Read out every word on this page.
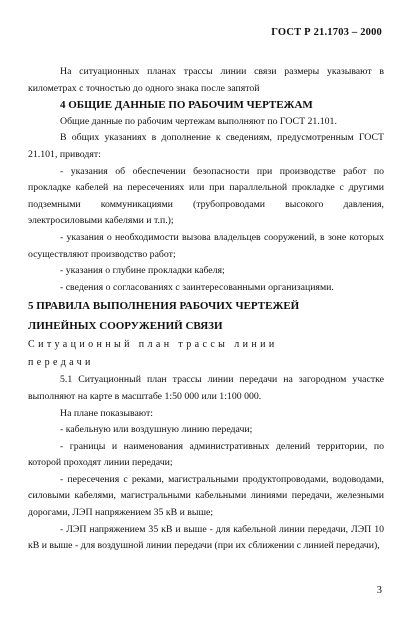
ГОСТ Р 21.1703 – 2000

На ситуационных планах трассы линии связи размеры указывают в километрах с точностью до одного знака после запятой

4 ОБЩИЕ ДАННЫЕ ПО РАБОЧИМ ЧЕРТЕЖАМ

Общие данные по рабочим чертежам выполняют по ГОСТ 21.101.

В общих указаниях в дополнение к сведениям, предусмотренным ГОСТ 21.101, приводят:

- указания об обеспечении безопасности при производстве работ по прокладке кабелей на пересечениях или при параллельной прокладке с другими подземными коммуникациями (трубопроводами высокого давления, электросиловыми кабелями и т.п.);

- указания о необходимости вызова владельцев сооружений, в зоне которых осуществляют производство работ;

- указания о глубине прокладки кабеля;

- сведения о согласованиях с заинтересованными организациями.

5 ПРАВИЛА ВЫПОЛНЕНИЯ РАБОЧИХ ЧЕРТЕЖЕЙ
ЛИНЕЙНЫХ СООРУЖЕНИЙ СВЯЗИ

Ситуационный план трассы линии
передачи

5.1 Ситуационный план трассы линии передачи на загородном участке выполняют на карте в масштабе 1:50 000 или 1:100 000.

На плане показывают:

- кабельную или воздушную линию передачи;

- границы и наименования административных делений территории, по которой проходят линии передачи;

- пересечения с реками, магистральными продуктопроводами, водоводами, силовыми кабелями, магистральными кабельными линиями передачи, железными дорогами, ЛЭП напряжением 35 кВ и выше;

- ЛЭП напряжением 35 кВ и выше - для кабельной линии передачи, ЛЭП 10 кВ и выше - для воздушной линии передачи (при их сближении с линией передачи),

3
